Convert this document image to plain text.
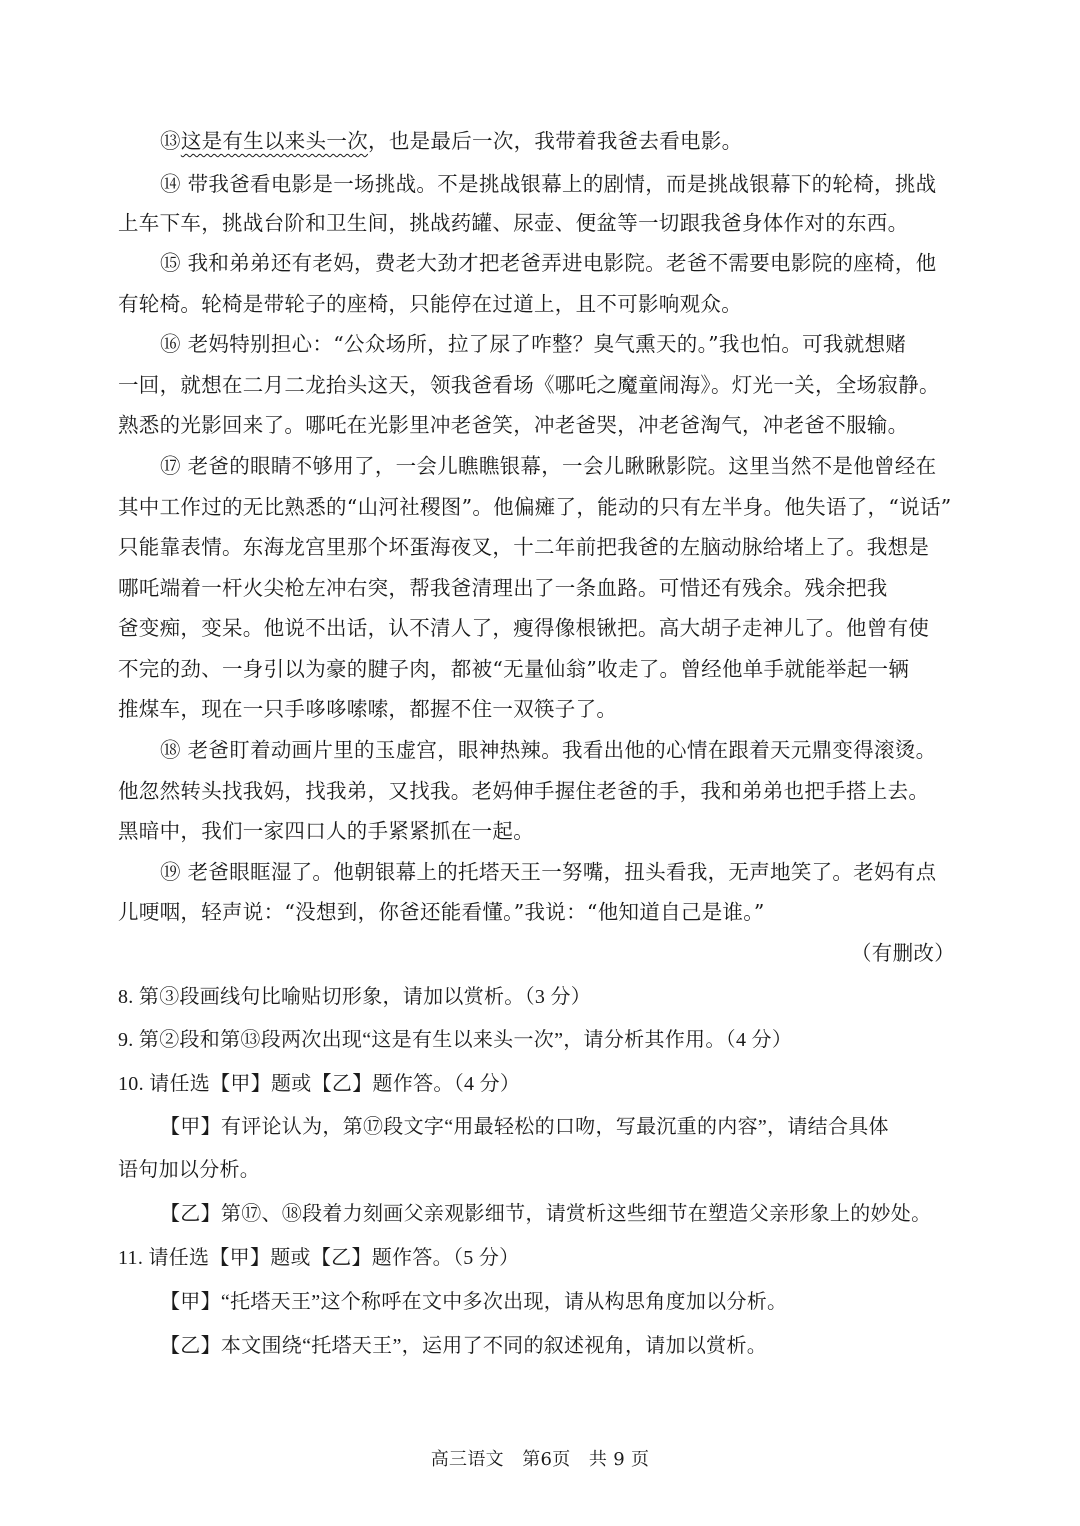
⑬这是有生以来头一次，也是最后一次，我带着我爸去看电影。

⑭ 带我爸看电影是一场挑战。不是挑战银幕上的剧情，而是挑战银幕下的轮椅，挑战

上车下车，挑战台阶和卫生间，挑战药罐、尿壶、便盆等一切跟我爸身体作对的东西。

⑮ 我和弟弟还有老妈，费老大劲才把老爸弄进电影院。老爸不需要电影院的座椅，他

有轮椅。轮椅是带轮子的座椅，只能停在过道上，且不可影响观众。

⑯ 老妈特别担心：“公众场所，拉了尿了咋整？臭气熏天的。”我也怕。可我就想赌

一回，就想在二月二龙抬头这天，领我爸看场《哪吒之魔童闹海》。灯光一关，全场寂静。

熟悉的光影回来了。哪吒在光影里冲老爸笑，冲老爸哭，冲老爸淘气，冲老爸不服输。

⑰ 老爸的眼睛不够用了，一会儿瞧瞧银幕，一会儿瞅瞅影院。这里当然不是他曾经在

其中工作过的无比熟悉的“山河社稷图”。他偏瘫了，能动的只有左半身。他失语了，“说话”

只能靠表情。东海龙宫里那个坏蛋海夜叉，十二年前把我爸的左脑动脉给堵上了。我想是

哪吒端着一杆火尖枪左冲右突，帮我爸清理出了一条血路。可惜还有残余。残余把我

爸变痴，变呆。他说不出话，认不清人了，瘦得像根锹把。高大胡子走神儿了。他曾有使

不完的劲、一身引以为豪的腱子肉，都被“无量仙翁”收走了。曾经他单手就能举起一辆

推煤车，现在一只手哆哆嗦嗦，都握不住一双筷子了。

⑱ 老爸盯着动画片里的玉虚宫，眼神热辣。我看出他的心情在跟着天元鼎变得滚烫。

他忽然转头找我妈，找我弟，又找我。老妈伸手握住老爸的手，我和弟弟也把手搭上去。

黑暗中，我们一家四口人的手紧紧抓在一起。

⑲ 老爸眼眶湿了。他朝银幕上的托塔天王一努嘴，扭头看我，无声地笑了。老妈有点

儿哽咽，轻声说：“没想到，你爸还能看懂。”我说：“他知道自己是谁。”

（有删改）

8. 第③段画线句比喻贴切形象，请加以赏析。（3 分）

9. 第②段和第⑬段两次出现“这是有生以来头一次”，请分析其作用。（4 分）

10. 请任选【甲】题或【乙】题作答。（4 分）

【甲】有评论认为，第⑰段文字“用最轻松的口吻，写最沉重的内容”，请结合具体

语句加以分析。

【乙】第⑰、⑱段着力刻画父亲观影细节，请赏析这些细节在塑造父亲形象上的妙处。

11. 请任选【甲】题或【乙】题作答。（5 分）

【甲】“托塔天王”这个称呼在文中多次出现，请从构思角度加以分析。

【乙】本文围绕“托塔天王”，运用了不同的叙述视角，请加以赏析。

高三语文　第6页　共 9 页
